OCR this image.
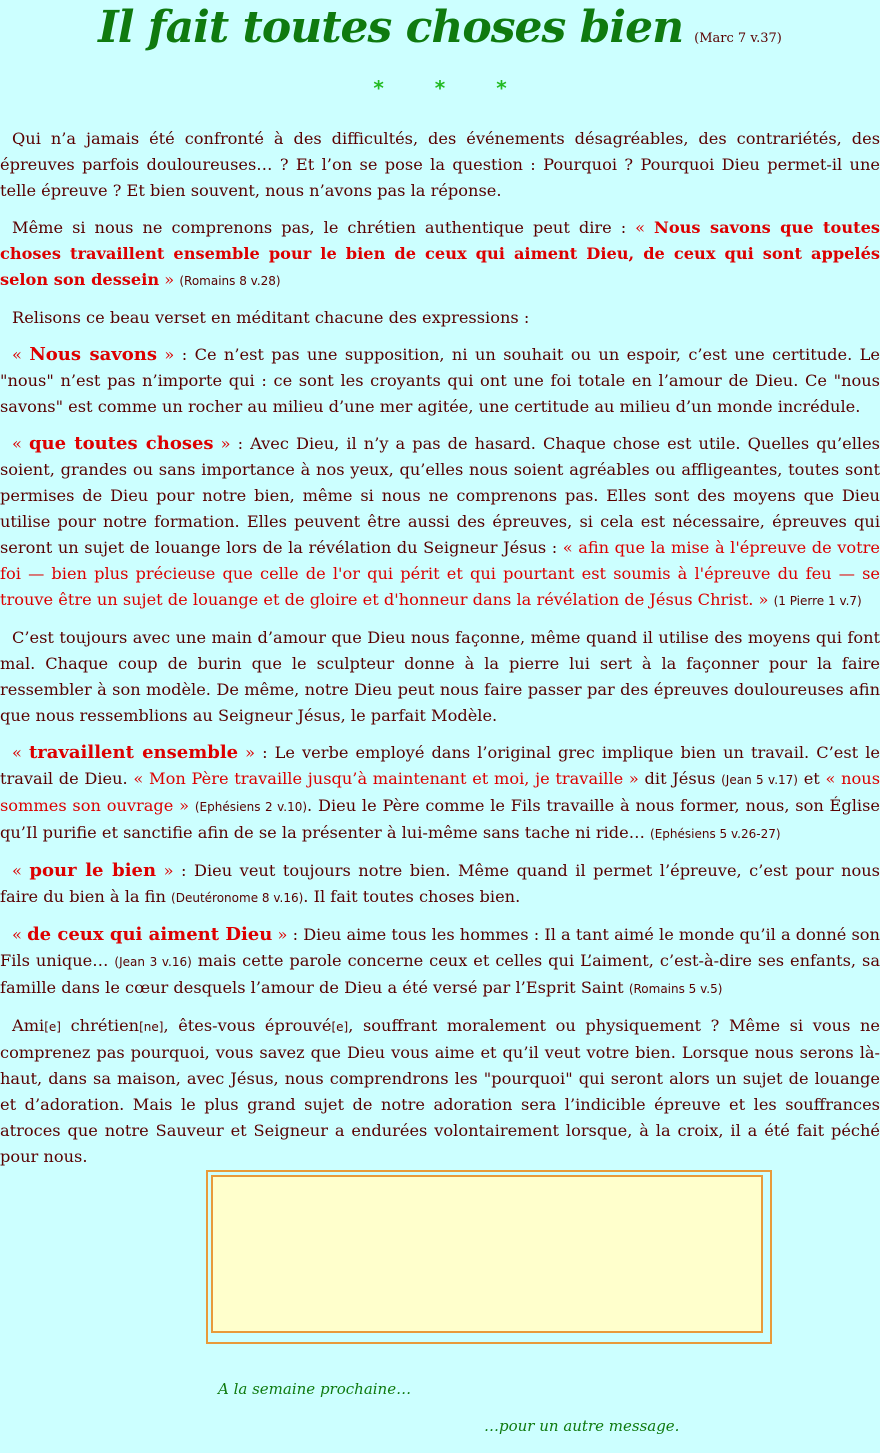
Il fait toutes choses bien (Marc 7 v.37)
*	*	*

Qui n’a jamais été confronté à des difficultés, des événements désagréables, des contrariétés, des épreuves parfois douloureuses… ? Et l’on se pose la question : Pourquoi ? Pourquoi Dieu permet-il une telle épreuve ? Et bien souvent, nous n’avons pas la réponse.

Même si nous ne comprenons pas, le chrétien authentique peut dire : « Nous savons que toutes choses travaillent ensemble pour le bien de ceux qui aiment Dieu, de ceux qui sont appelés selon son dessein » (Romains 8 v.28)

Relisons ce beau verset en méditant chacune des expressions :

« Nous savons » : Ce n’est pas une supposition, ni un souhait ou un espoir, c’est une certitude. Le "nous" n’est pas n’importe qui : ce sont les croyants qui ont une foi totale en l’amour de Dieu. Ce "nous savons" est comme un rocher au milieu d’une mer agitée, une certitude au milieu d’un monde incrédule.

« que toutes choses » : Avec Dieu, il n’y a pas de hasard. Chaque chose est utile. Quelles qu’elles soient, grandes ou sans importance à nos yeux, qu’elles nous soient agréables ou affligeantes, toutes sont permises de Dieu pour notre bien, même si nous ne comprenons pas. Elles sont des moyens que Dieu utilise pour notre formation. Elles peuvent être aussi des épreuves, si cela est nécessaire, épreuves qui seront un sujet de louange lors de la révélation du Seigneur Jésus : « afin que la mise à l'épreuve de votre foi — bien plus précieuse que celle de l'or qui périt et qui pourtant est soumis à l'épreuve du feu — se trouve être un sujet de louange et de gloire et d'honneur dans la révélation de Jésus Christ. » (1 Pierre 1 v.7)

C’est toujours avec une main d’amour que Dieu nous façonne, même quand il utilise des moyens qui font mal. Chaque coup de burin que le sculpteur donne à la pierre lui sert à la façonner pour la faire ressembler à son modèle. De même, notre Dieu peut nous faire passer par des épreuves douloureuses afin que nous ressemblions au Seigneur Jésus, le parfait Modèle.

« travaillent ensemble » : Le verbe employé dans l’original grec implique bien un travail. C’est le travail de Dieu. « Mon Père travaille jusqu’à maintenant et moi, je travaille » dit Jésus (Jean 5 v.17) et « nous sommes son ouvrage » (Ephésiens 2 v.10). Dieu le Père comme le Fils travaille à nous former, nous, son Église qu’Il purifie et sanctifie afin de se la présenter à lui-même sans tache ni ride… (Ephésiens 5 v.26-27)

« pour le bien » : Dieu veut toujours notre bien. Même quand il permet l’épreuve, c’est pour nous faire du bien à la fin (Deutéronome 8 v.16). Il fait toutes choses bien.

« de ceux qui aiment Dieu » : Dieu aime tous les hommes : Il a tant aimé le monde qu’il a donné son Fils unique… (Jean 3 v.16) mais cette parole concerne ceux et celles qui L’aiment, c’est-à-dire ses enfants, sa famille dans le cœur desquels l’amour de Dieu a été versé par l’Esprit Saint (Romains 5 v.5)

Ami[e] chrétien[ne], êtes-vous éprouvé[e], souffrant moralement ou physiquement ? Même si vous ne comprenez pas pourquoi, vous savez que Dieu vous aime et qu’il veut votre bien. Lorsque nous serons là-haut, dans sa maison, avec Jésus, nous comprendrons les "pourquoi" qui seront alors un sujet de louange et d’adoration. Mais le plus grand sujet de notre adoration sera l’indicible épreuve et les souffrances atroces que notre Sauveur et Seigneur a endurées volontairement lorsque, à la croix, il a été fait péché pour nous.

A la semaine prochaine…
…pour un autre message.
